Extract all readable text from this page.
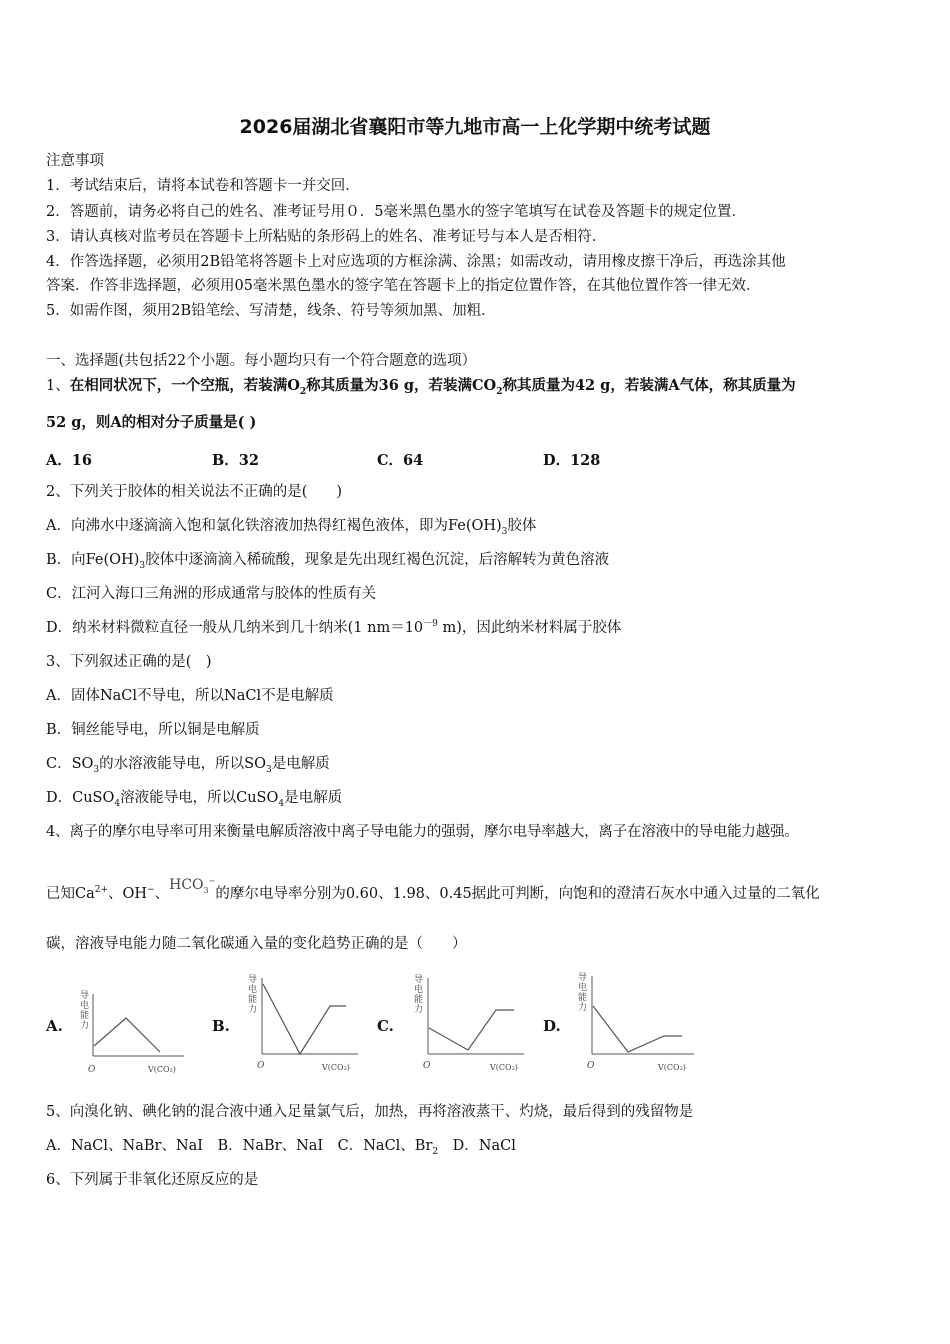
2026届湖北省襄阳市等九地市高一上化学期中统考试题
注意事项
1．考试结束后，请将本试卷和答题卡一并交回．
2．答题前，请务必将自己的姓名、准考证号用０．5毫米黑色墨水的签字笔填写在试卷及答题卡的规定位置．
3．请认真核对监考员在答题卡上所粘贴的条形码上的姓名、准考证号与本人是否相符．
4．作答选择题，必须用2B铅笔将答题卡上对应选项的方框涂满、涂黑；如需改动，请用橡皮擦干净后，再选涂其他
答案．作答非选择题，必须用05毫米黑色墨水的签字笔在答题卡上的指定位置作答，在其他位置作答一律无效．
5．如需作图，须用2B铅笔绘、写清楚，线条、符号等须加黑、加粗．
一、选择题(共包括22个小题。每小题均只有一个符合题意的选项）
1、在相同状况下，一个空瓶，若装满$O_2$称其质量为36 g，若装满$CO_2$称其质量为42 g，若装满A气体，称其质量为
52 g，则A的相对分子质量是( )
A．16	B．32	C．64	D．128
2、下列关于胶体的相关说法不正确的是(　　)
A．向沸水中逐滴滴入饱和氯化铁溶液加热得红褐色液体，即为$Fe(OH)_3$胶体
B．向$Fe(OH)_3$胶体中逐滴滴入稀硫酸，现象是先出现红褐色沉淀，后溶解转为黄色溶液
C．江河入海口三角洲的形成通常与胶体的性质有关
D．纳米材料微粒直径一般从几纳米到几十纳米(1 $nm=10^{-9}$ m)，因此纳米材料属于胶体
3、下列叙述正确的是(　)
A．固体NaCl不导电，所以NaCl不是电解质
B．铜丝能导电，所以铜是电解质
C．$SO_3$的水溶液能导电，所以$SO_3$是电解质
D．CuSO$_4$溶液能导电，所以CuSO$_4$是电解质
4、离子的摩尔电导率可用来衡量电解质溶液中离子导电能力的强弱，摩尔电导率越大，离子在溶液中的导电能力越强。
已知$Ca^{2+}$、OH−、$HCO_3^-$的摩尔电导率分别为0.60、1.98、0.45据此可判断，向饱和的澄清石灰水中通入过量的二氧化
碳，溶液导电能力随二氧化碳通入量的变化趋势正确的是（　　）
A.
导
电
能
力
O	V(CO₂)
B.
导
电
能
力
O	V(CO₂)
C.
导
电
能
力
O	V(CO₂)
D.
导
电
能
力
O	V(CO₂)
5、向溴化钠、碘化钠的混合液中通入足量氯气后，加热，再将溶液蒸干、灼烧，最后得到的残留物是
A．NaCl、NaBr、NaI　B．NaBr、NaI　C．NaCl、$Br_2$　D．NaCl
6、下列属于非氧化还原反应的是
